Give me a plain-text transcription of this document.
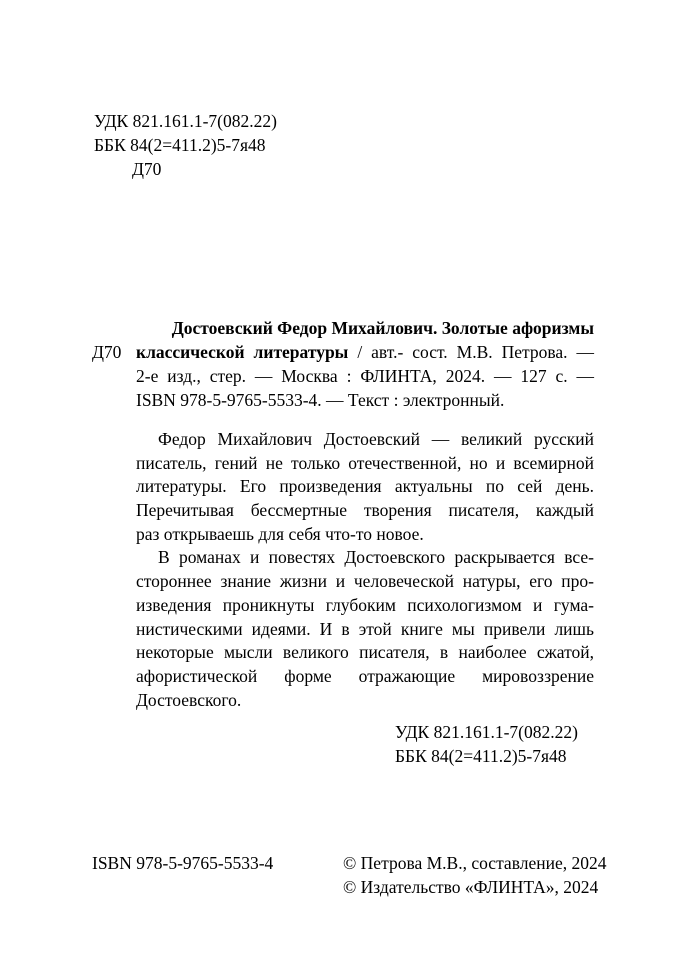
УДК 821.161.1-7(082.22)
ББК 84(2=411.2)5-7я48
Д70
Д70
Достоевский Федор Михайлович. Золотые афоризмы
классической литературы / авт.- сост. М.В. Петрова. —
2-е изд., стер. — Москва : ФЛИНТА, 2024. — 127 с. —
ISBN 978-5-9765-5533-4. — Текст : электронный.
Федор Михайлович Достоевский — великий русский
писатель, гений не только отечественной, но и всемирной
литературы. Его произведения актуальны по сей день.
Перечитывая бессмертные творения писателя, каждый
раз открываешь для себя что-то новое.
В романах и повестях Достоевского раскрывается все-
стороннее знание жизни и человеческой натуры, его про-
изведения проникнуты глубоким психологизмом и гума-
нистическими идеями. И в этой книге мы привели лишь
некоторые мысли великого писателя, в наиболее сжатой,
афористической форме отражающие мировоззрение
Достоевского.
УДК 821.161.1-7(082.22)
ББК 84(2=411.2)5-7я48
ISBN 978-5-9765-5533-4	© Петрова М.В., составление, 2024
© Издательство «ФЛИНТА», 2024
